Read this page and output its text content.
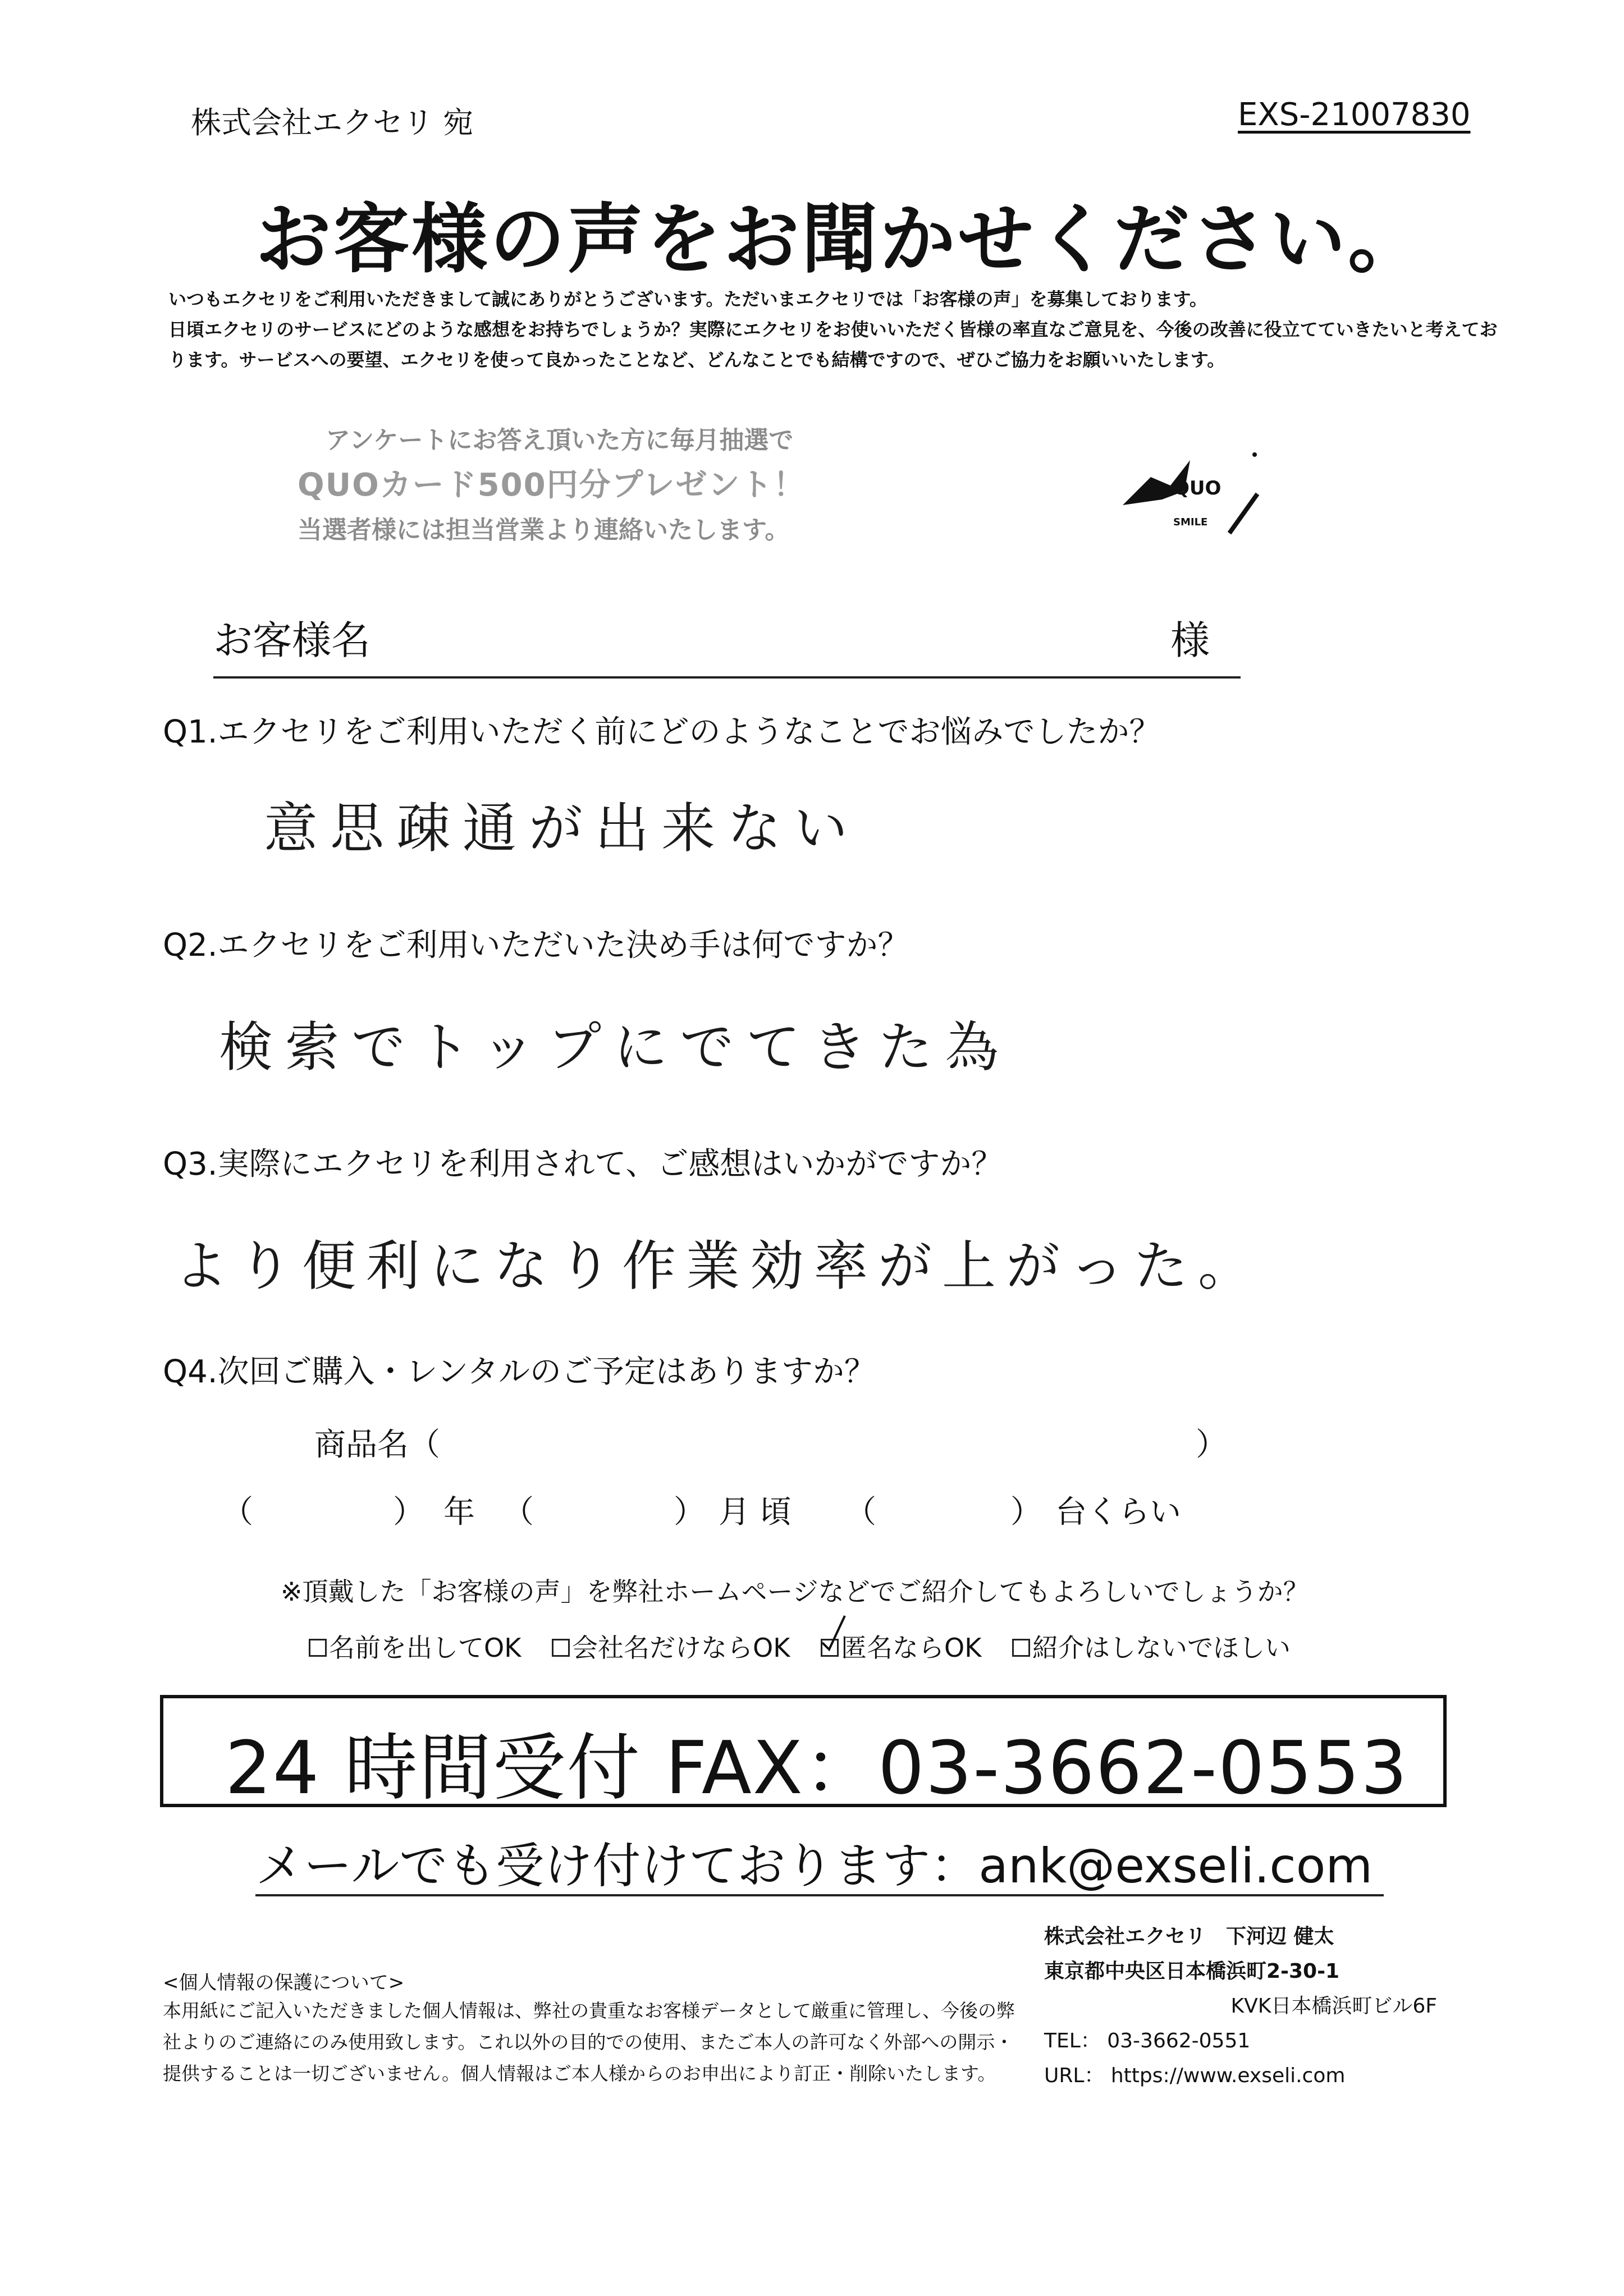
株式会社エクセリ 宛	EXS-21007830
お客様の声をお聞かせください。
いつもエクセリをご利用いただきまして誠にありがとうございます。ただいまエクセリでは「お客様の声」を募集しております。
日頃エクセリのサービスにどのような感想をお持ちでしょうか？実際にエクセリをお使いいただく皆様の率直なご意見を、今後の改善に役立てていきたいと考えております。サービスへの要望、エクセリを使って良かったことなど、どんなことでも結構ですので、ぜひご協力をお願いいたします。
アンケートにお答え頂いた方に毎月抽選で
QUOカード500円分プレゼント！
当選者様には担当営業より連絡いたします。
QUO
SMILE
お客様名	様
Q1.エクセリをご利用いただく前にどのようなことでお悩みでしたか？
意思疎通が出来ない
Q2.エクセリをご利用いただいた決め手は何ですか？
検索でトップにでてきた為
Q3.実際にエクセリを利用されて、ご感想はいかがですか？
より便利になり作業効率が上がった。
Q4.次回ご購入・レンタルのご予定はありますか？
商品名（	）
（	） 年 （	） 月 頃 （	） 台くらい
※頂戴した「お客様の声」を弊社ホームページなどでご紹介してもよろしいでしょうか？
名前を出してOK 会社名だけならOK 匿名ならOK 紹介はしないでほしい
24 時間受付 FAX：03-3662-0553
メールでも受け付けております：ank@exseli.com
<個人情報の保護について>
本用紙にご記入いただきました個人情報は、弊社の貴重なお客様データとして厳重に管理し、今後の弊社よりのご連絡にのみ使用致します。これ以外の目的での使用、またご本人の許可なく外部への開示・提供することは一切ございません。個人情報はご本人様からのお申出により訂正・削除いたします。
株式会社エクセリ　下河辺 健太
東京都中央区日本橋浜町2-30-1
KVK日本橋浜町ビル6F
TEL： 03-3662-0551
URL： https://www.exseli.com
